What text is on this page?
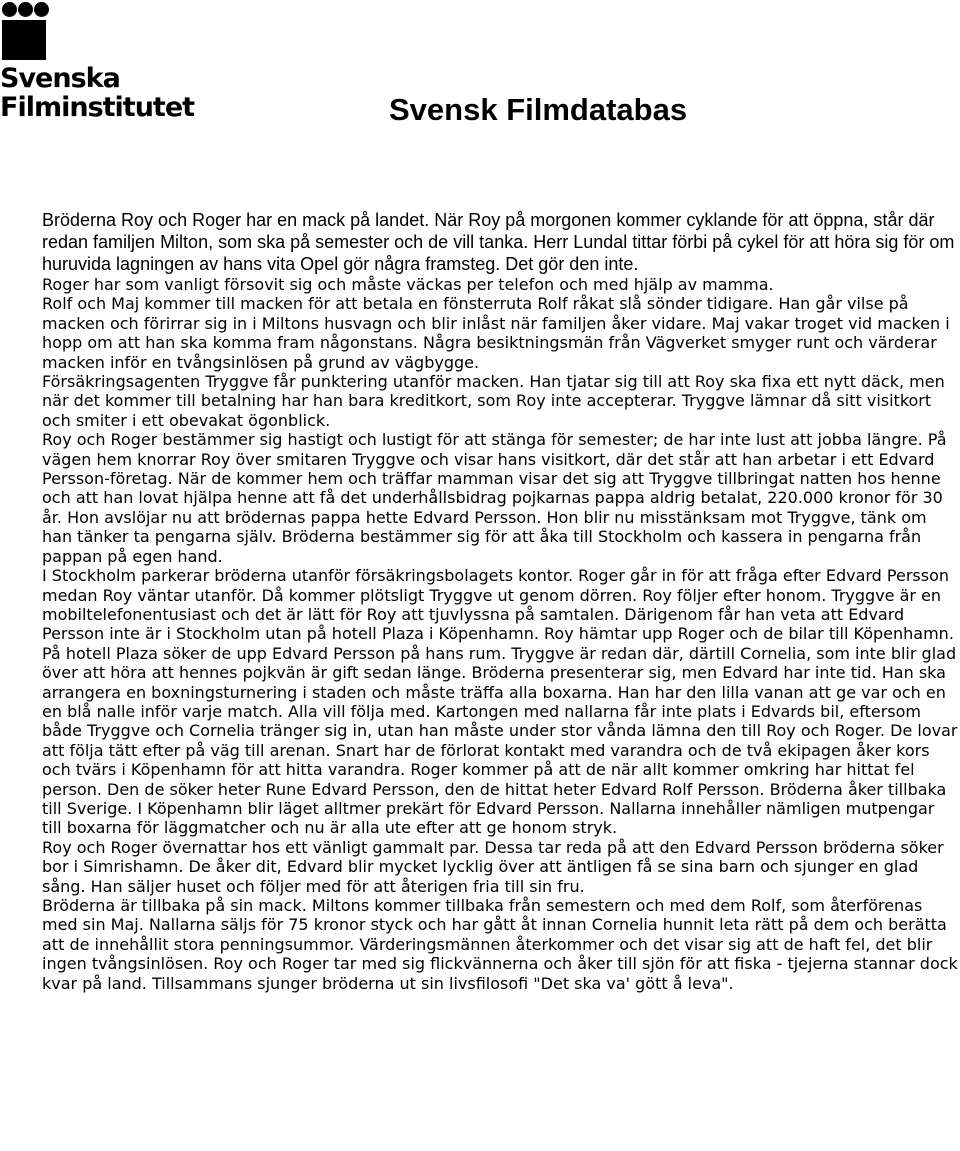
Svenska
Filminstitutet	Svensk Filmdatabas

Bröderna Roy och Roger har en mack på landet. När Roy på morgonen kommer cyklande för att öppna, står där redan familjen Milton, som ska på semester och de vill tanka. Herr Lundal tittar förbi på cykel för att höra sig för om huruvida lagningen av hans vita Opel gör några framsteg. Det gör den inte.

Roger har som vanligt försovit sig och måste väckas per telefon och med hjälp av mamma.

Rolf och Maj kommer till macken för att betala en fönsterruta Rolf råkat slå sönder tidigare. Han går vilse på macken och förirrar sig in i Miltons husvagn och blir inlåst när familjen åker vidare. Maj vakar troget vid macken i hopp om att han ska komma fram någonstans. Några besiktningsmän från Vägverket smyger runt och värderar macken inför en tvångsinlösen på grund av vägbygge.

Försäkringsagenten Tryggve får punktering utanför macken. Han tjatar sig till att Roy ska fixa ett nytt däck, men när det kommer till betalning har han bara kreditkort, som Roy inte accepterar. Tryggve lämnar då sitt visitkort och smiter i ett obevakat ögonblick.

Roy och Roger bestämmer sig hastigt och lustigt för att stänga för semester; de har inte lust att jobba längre. På vägen hem knorrar Roy över smitaren Tryggve och visar hans visitkort, där det står att han arbetar i ett Edvard Persson-företag. När de kommer hem och träffar mamman visar det sig att Tryggve tillbringat natten hos henne och att han lovat hjälpa henne att få det underhållsbidrag pojkarnas pappa aldrig betalat, 220.000 kronor för 30 år. Hon avslöjar nu att brödernas pappa hette Edvard Persson. Hon blir nu misstänksam mot Tryggve, tänk om han tänker ta pengarna själv. Bröderna bestämmer sig för att åka till Stockholm och kassera in pengarna från pappan på egen hand.

I Stockholm parkerar bröderna utanför försäkringsbolagets kontor. Roger går in för att fråga efter Edvard Persson medan Roy väntar utanför. Då kommer plötsligt Tryggve ut genom dörren. Roy följer efter honom. Tryggve är en mobiltelefonentusiast och det är lätt för Roy att tjuvlyssna på samtalen. Därigenom får han veta att Edvard Persson inte är i Stockholm utan på hotell Plaza i Köpenhamn. Roy hämtar upp Roger och de bilar till Köpenhamn.

På hotell Plaza söker de upp Edvard Persson på hans rum. Tryggve är redan där, därtill Cornelia, som inte blir glad över att höra att hennes pojkvän är gift sedan länge. Bröderna presenterar sig, men Edvard har inte tid. Han ska arrangera en boxningsturnering i staden och måste träffa alla boxarna. Han har den lilla vanan att ge var och en en blå nalle inför varje match. Alla vill följa med. Kartongen med nallarna får inte plats i Edvards bil, eftersom både Tryggve och Cornelia tränger sig in, utan han måste under stor vånda lämna den till Roy och Roger. De lovar att följa tätt efter på väg till arenan. Snart har de förlorat kontakt med varandra och de två ekipagen åker kors och tvärs i Köpenhamn för att hitta varandra. Roger kommer på att de när allt kommer omkring har hittat fel person. Den de söker heter Rune Edvard Persson, den de hittat heter Edvard Rolf Persson. Bröderna åker tillbaka till Sverige. I Köpenhamn blir läget alltmer prekärt för Edvard Persson. Nallarna innehåller nämligen mutpengar till boxarna för läggmatcher och nu är alla ute efter att ge honom stryk.

Roy och Roger övernattar hos ett vänligt gammalt par. Dessa tar reda på att den Edvard Persson bröderna söker bor i Simrishamn. De åker dit, Edvard blir mycket lycklig över att äntligen få se sina barn och sjunger en glad sång. Han säljer huset och följer med för att återigen fria till sin fru.

Bröderna är tillbaka på sin mack. Miltons kommer tillbaka från semestern och med dem Rolf, som återförenas med sin Maj. Nallarna säljs för 75 kronor styck och har gått åt innan Cornelia hunnit leta rätt på dem och berätta att de innehållit stora penningsummor. Värderingsmännen återkommer och det visar sig att de haft fel, det blir ingen tvångsinlösen. Roy och Roger tar med sig flickvännerna och åker till sjön för att fiska - tjejerna stannar dock kvar på land. Tillsammans sjunger bröderna ut sin livsfilosofi "Det ska va' gött å leva".
